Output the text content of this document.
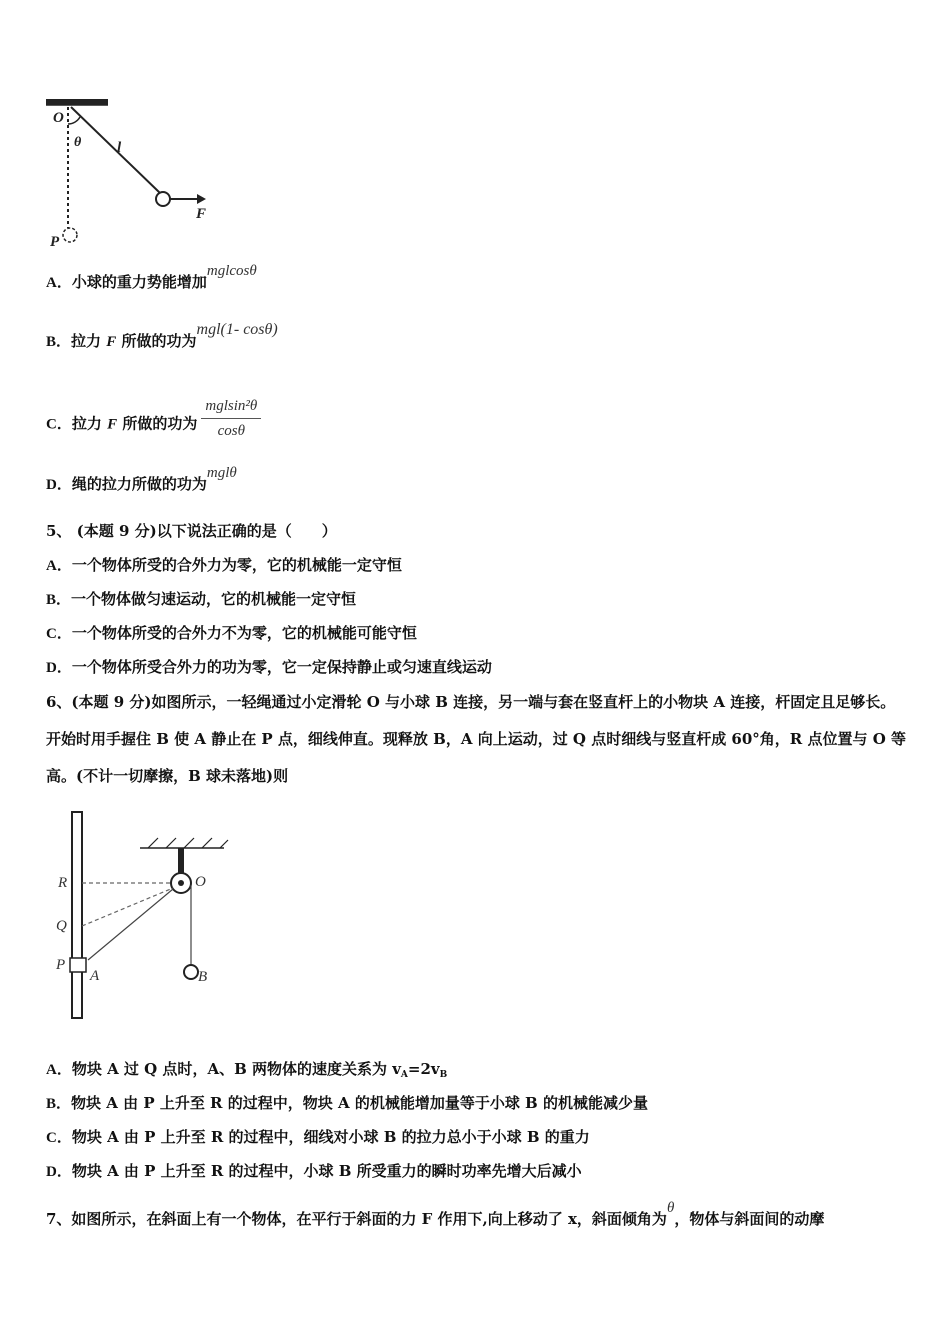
O
θ l
F
P
A．小球的重力势能增加mglcosθ
B．拉力 F 所做的功为mgl(1- cosθ)
C．拉力 F 所做的功为 $\frac{\text{mglsin²θ}}{\cos\theta}$
D．绳的拉力所做的功为mglθ
5、 (本题 9 分)以下说法正确的是（　　）
A．一个物体所受的合外力为零，它的机械能一定守恒
B．一个物体做匀速运动，它的机械能一定守恒
C．一个物体所受的合外力不为零，它的机械能可能守恒
D．一个物体所受合外力的功为零，它一定保持静止或匀速直线运动
6、(本题 9 分)如图所示，一轻绳通过小定滑轮 O 与小球 B 连接，另一端与套在竖直杆上的小物块 A 连接，杆固定且足够长。开始时用手握住 B 使 A 静止在 P 点，细线伸直。现释放 B，A 向上运动，过 Q 点时细线与竖直杆成 60°角，R 点位置与 O 等高。(不计一切摩擦，B 球未落地)则
R
Q
P
A
O
B
A．物块 A 过 Q 点时，A、B 两物体的速度关系为 $v_A=2v_B$
B．物块 A 由 P 上升至 R 的过程中，物块 A 的机械能增加量等于小球 B 的机械能减少量
C．物块 A 由 P 上升至 R 的过程中，细线对小球 B 的拉力总小于小球 B 的重力
D．物块 A 由 P 上升至 R 的过程中，小球 B 所受重力的瞬时功率先增大后减小
7、如图所示，在斜面上有一个物体，在平行于斜面的力 F 作用下,向上移动了 x，斜面倾角为θ，物体与斜面间的动摩
